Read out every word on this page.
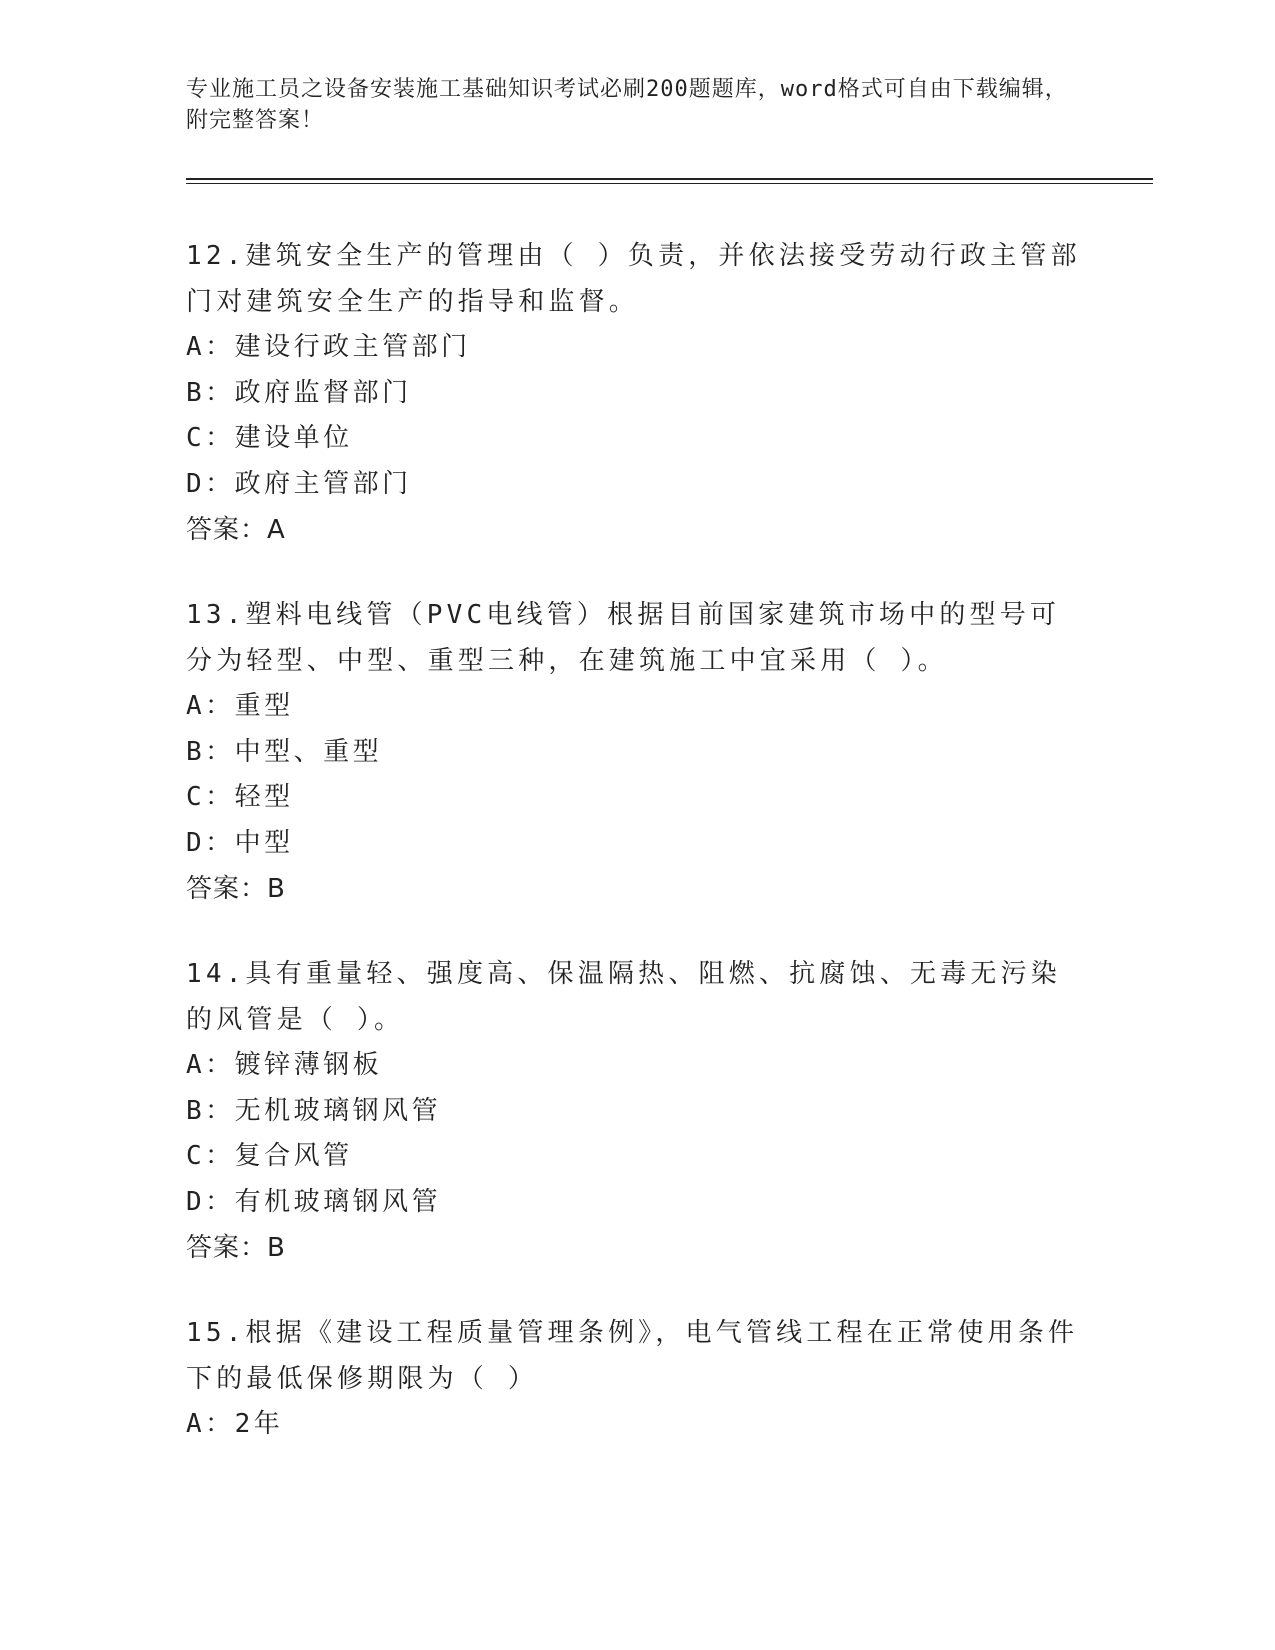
专业施工员之设备安装施工基础知识考试必刷200题题库，word格式可自由下载编辑，附完整答案！
12.建筑安全生产的管理由（ ）负责，并依法接受劳动行政主管部门对建筑安全生产的指导和监督。
A：建设行政主管部门
B：政府监督部门
C：建设单位
D：政府主管部门
答案：A
13.塑料电线管（PVC电线管）根据目前国家建筑市场中的型号可分为轻型、中型、重型三种，在建筑施工中宜采用（ ）。
A：重型
B：中型、重型
C：轻型
D：中型
答案：B
14.具有重量轻、强度高、保温隔热、阻燃、抗腐蚀、无毒无污染的风管是（ ）。
A：镀锌薄钢板
B：无机玻璃钢风管
C：复合风管
D：有机玻璃钢风管
答案：B
15.根据《建设工程质量管理条例》，电气管线工程在正常使用条件下的最低保修期限为（ ）
A：2年
